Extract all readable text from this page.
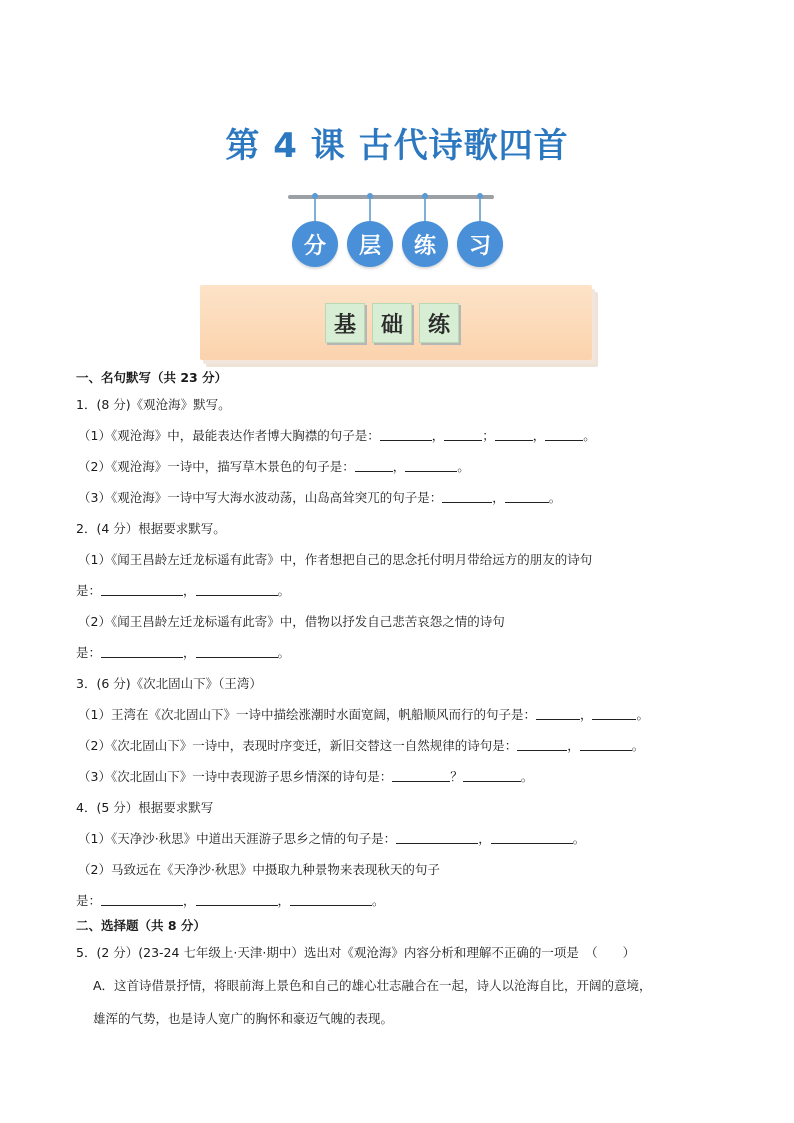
第 4 课 古代诗歌四首
分	层	练	习
基	础	练
一、名句默写（共 23 分）
1．(8 分)《观沧海》默写。
（1）《观沧海》中，最能表达作者博大胸襟的句子是：	，	；	，	。
（2）《观沧海》一诗中，描写草木景色的句子是：	，	。
（3）《观沧海》一诗中写大海水波动荡，山岛高耸突兀的句子是：	，	。
2．(4 分）根据要求默写。
（1）《闻王昌龄左迁龙标遥有此寄》中，作者想把自己的思念托付明月带给远方的朋友的诗句
是：	，	。
（2）《闻王昌龄左迁龙标遥有此寄》中，借物以抒发自己悲苦哀怨之情的诗句
是：	，	。
3．(6 分)《次北固山下》（王湾）
（1）王湾在《次北固山下》一诗中描绘涨潮时水面宽阔，帆船顺风而行的句子是：	，	。
（2）《次北固山下》一诗中，表现时序变迁，新旧交替这一自然规律的诗句是：	，	。
（3）《次北固山下》一诗中表现游子思乡情深的诗句是：	？	。
4．(5 分）根据要求默写
（1）《天净沙·秋思》中道出天涯游子思乡之情的句子是：	，	。
（2）马致远在《天净沙·秋思》中摄取九种景物来表现秋天的句子
是：	，	，	。
二、选择题（共 8 分）
5．(2 分）(23-24 七年级上·天津·期中）选出对《观沧海》内容分析和理解不正确的一项是　（　　）
A．这首诗借景抒情，将眼前海上景色和自己的雄心壮志融合在一起，诗人以沧海自比，开阔的意境，
雄浑的气势，也是诗人宽广的胸怀和豪迈气魄的表现。
